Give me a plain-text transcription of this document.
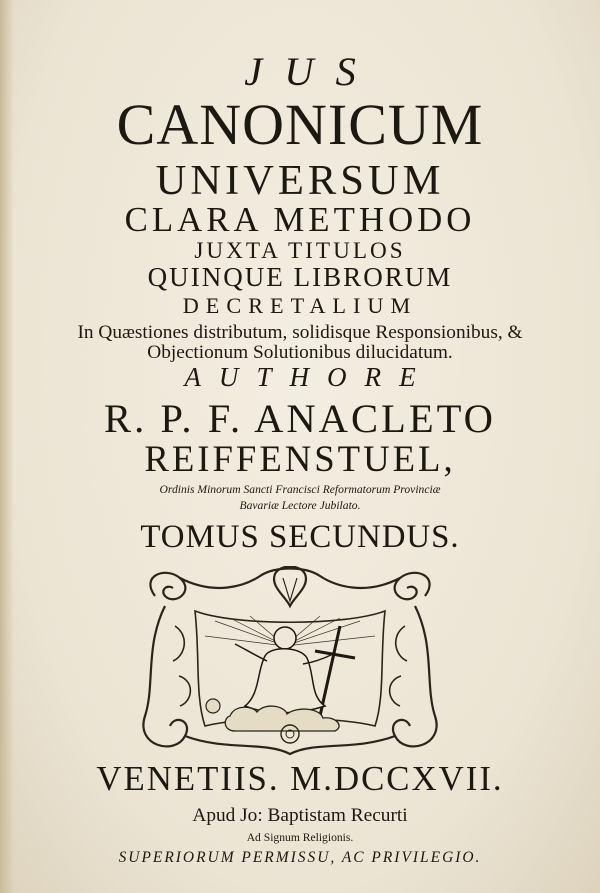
JUS
CANONICUM
UNIVERSUM
CLARA METHODO
JUXTA TITULOS
QUINQUE LIBRORUM
DECRETALIUM
In Quæstiones distributum, solidisque Responsionibus, &
Objectionum Solutionibus dilucidatum.
AUTHORE
R. P. F. ANACLETO
REIFFENSTUEL,
Ordinis Minorum Sancti Francisci Reformatorum Provinciæ
Bavariæ Lectore Jubilato.
TOMUS SECUNDUS.
VENETIIS. M.DCCXVII.
Apud Jo: Baptistam Recurti
Ad Signum Religionis.
SUPERIORUM PERMISSU, AC PRIVILEGIO.
